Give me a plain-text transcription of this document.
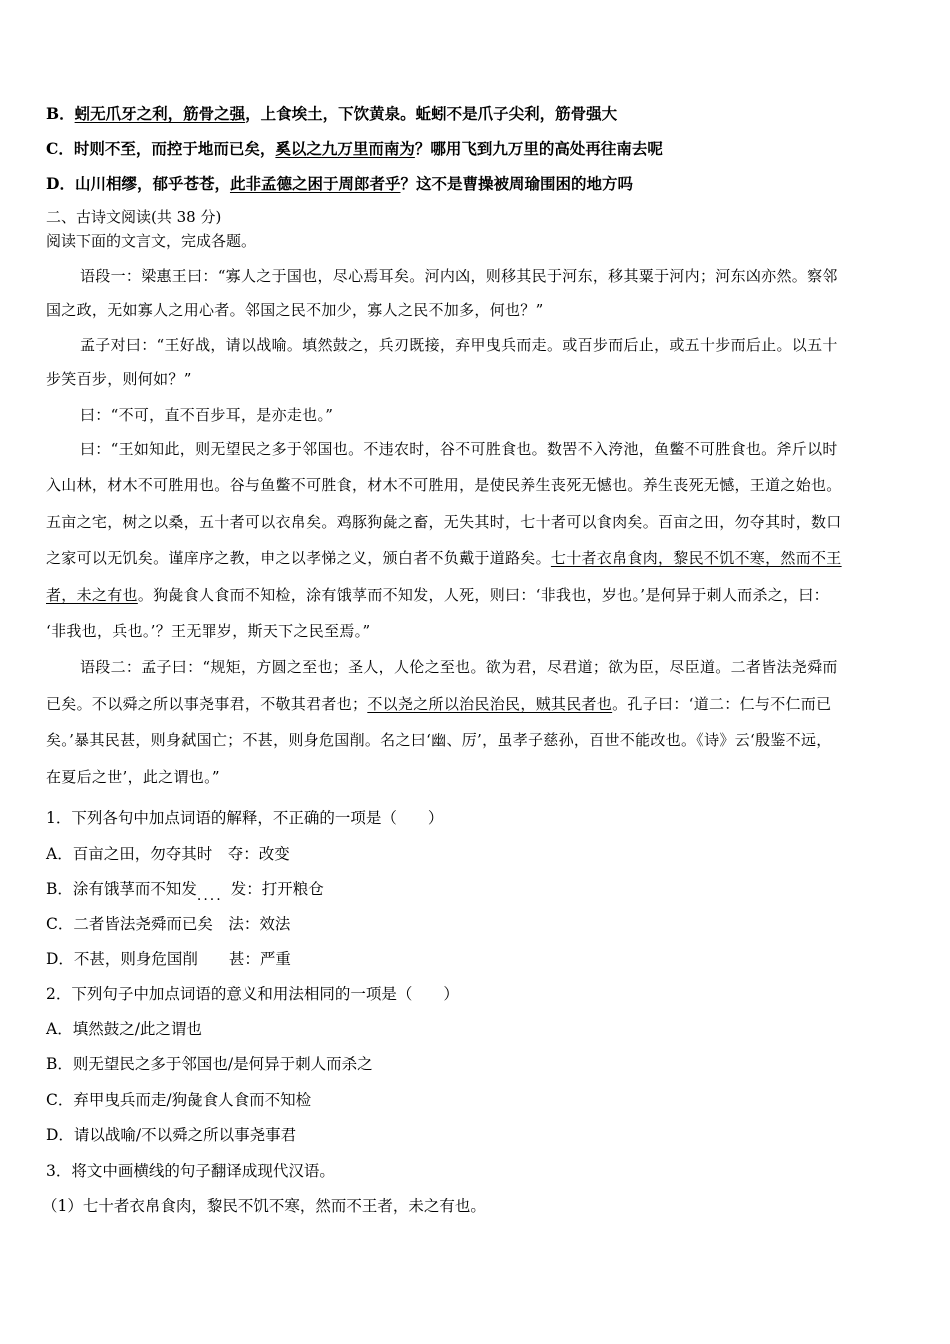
B．蚓无爪牙之利，筋骨之强，上食埃土，下饮黄泉。蚯蚓不是爪子尖利，筋骨强大
C．时则不至，而控于地而已矣，奚以之九万里而南为？哪用飞到九万里的高处再往南去呢
D．山川相缪，郁乎苍苍，此非孟德之困于周郎者乎？这不是曹操被周瑜围困的地方吗
二、古诗文阅读(共 38 分)
阅读下面的文言文，完成各题。
语段一：梁惠王曰：“寡人之于国也，尽心焉耳矣。河内凶，则移其民于河东，移其粟于河内；河东凶亦然。察邻
国之政，无如寡人之用心者。邻国之民不加少，寡人之民不加多，何也？”
孟子对曰：“王好战，请以战喻。填然鼓之，兵刃既接，弃甲曳兵而走。或百步而后止，或五十步而后止。以五十
步笑百步，则何如？”
曰：“不可，直不百步耳，是亦走也。”
曰：“王如知此，则无望民之多于邻国也。不违农时，谷不可胜食也。数罟不入洿池，鱼鳖不可胜食也。斧斤以时
入山林，材木不可胜用也。谷与鱼鳖不可胜食，材木不可胜用，是使民养生丧死无憾也。养生丧死无憾，王道之始也。
五亩之宅，树之以桑，五十者可以衣帛矣。鸡豚狗彘之畜，无失其时，七十者可以食肉矣。百亩之田，勿夺其时，数口
之家可以无饥矣。谨庠序之教，申之以孝悌之义，颁白者不负戴于道路矣。七十者衣帛食肉，黎民不饥不寒，然而不王
者，未之有也。狗彘食人食而不知检，涂有饿莩而不知发，人死，则曰：‘非我也，岁也。’是何异于刺人而杀之，曰：
‘非我也，兵也。’？王无罪岁，斯天下之民至焉。”
语段二：孟子曰：“规矩，方圆之至也；圣人，人伦之至也。欲为君，尽君道；欲为臣，尽臣道。二者皆法尧舜而
已矣。不以舜之所以事尧事君，不敬其君者也；不以尧之所以治民治民，贼其民者也。孔子曰：‘道二：仁与不仁而已
矣。’暴其民甚，则身弑国亡；不甚，则身危国削。名之曰‘幽、厉’，虽孝子慈孙，百世不能改也。《诗》云‘殷鉴不远，
在夏后之世’，此之谓也。”
1．下列各句中加点词语的解释，不正确的一项是（　　）
A．百亩之田，勿夺其时　夺：改变
B．涂有饿莩而不知发.... 发：打开粮仓
C．二者皆法尧舜而已矣　法：效法
D．不甚，则身危国削　　甚：严重
2．下列句子中加点词语的意义和用法相同的一项是（　　）
A．填然鼓之/此之谓也
B．则无望民之多于邻国也/是何异于刺人而杀之
C．弃甲曳兵而走/狗彘食人食而不知检
D．请以战喻/不以舜之所以事尧事君
3．将文中画横线的句子翻译成现代汉语。
（1）七十者衣帛食肉，黎民不饥不寒，然而不王者，未之有也。
